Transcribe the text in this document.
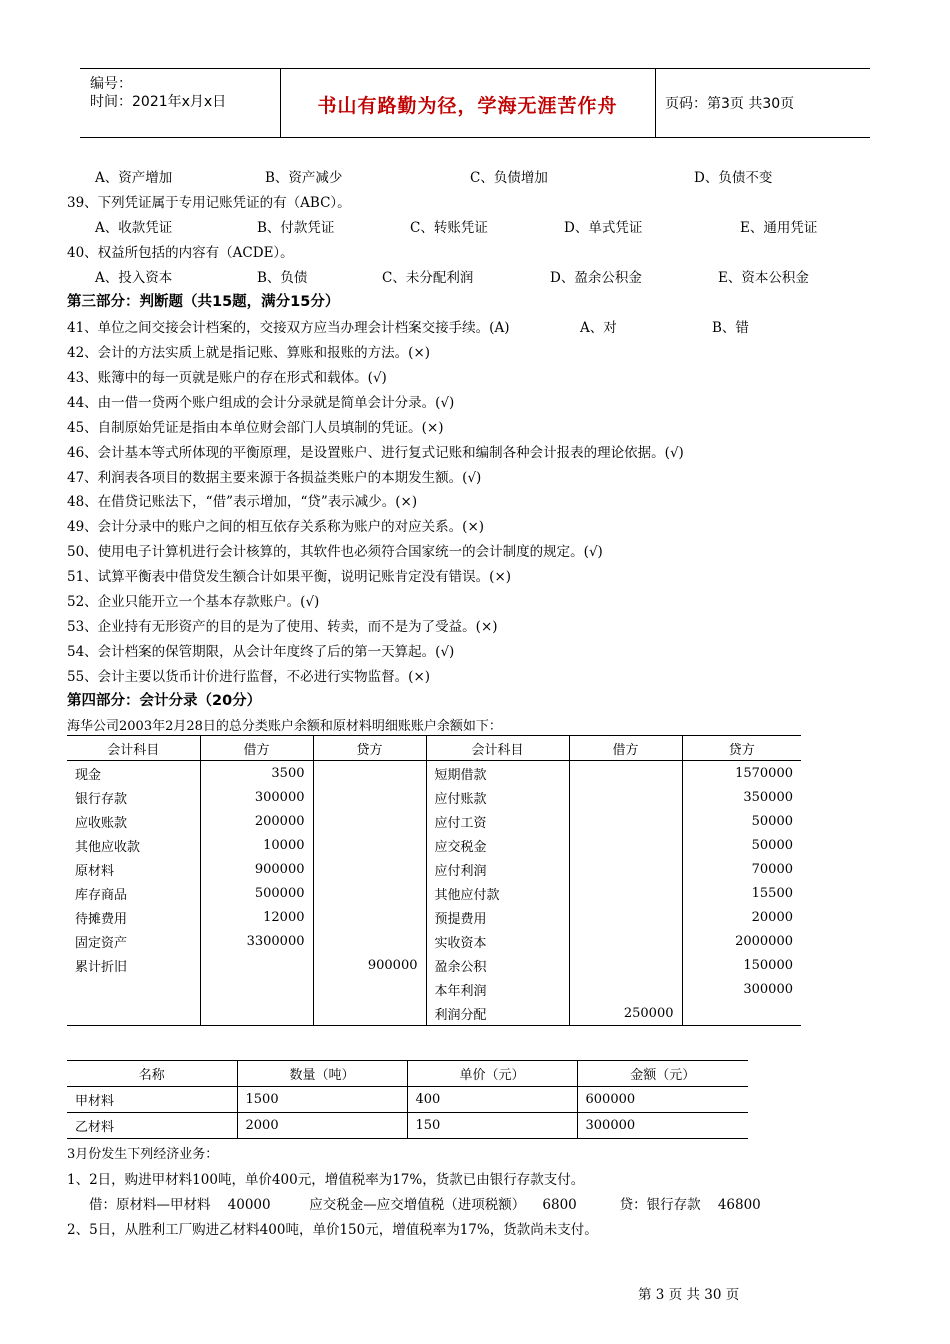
编号：
时间：2021年x月x日	书山有路勤为径，学海无涯苦作舟	页码：第3页 共30页
A、资产增加	B、资产减少	C、负债增加	D、负债不变
39、下列凭证属于专用记账凭证的有（ABC）。
A、收款凭证	B、付款凭证	C、转账凭证	D、单式凭证	E、通用凭证
40、权益所包括的内容有（ACDE）。
A、投入资本	B、负债	C、未分配利润	D、盈余公积金	E、资本公积金
第三部分：判断题（共15题，满分15分）
41、单位之间交接会计档案的，交接双方应当办理会计档案交接手续。(A)	A、对	B、错
42、会计的方法实质上就是指记账、算账和报账的方法。(×)
43、账簿中的每一页就是账户的存在形式和载体。(√)
44、由一借一贷两个账户组成的会计分录就是简单会计分录。(√)
45、自制原始凭证是指由本单位财会部门人员填制的凭证。(×)
46、会计基本等式所体现的平衡原理，是设置账户、进行复式记账和编制各种会计报表的理论依据。(√)
47、利润表各项目的数据主要来源于各损益类账户的本期发生额。(√)
48、在借贷记账法下，“借”表示增加，“贷”表示减少。(×)
49、会计分录中的账户之间的相互依存关系称为账户的对应关系。(×)
50、使用电子计算机进行会计核算的，其软件也必须符合国家统一的会计制度的规定。(√)
51、试算平衡表中借贷发生额合计如果平衡，说明记账肯定没有错误。(×)
52、企业只能开立一个基本存款账户。(√)
53、企业持有无形资产的目的是为了使用、转卖，而不是为了受益。(×)
54、会计档案的保管期限，从会计年度终了后的第一天算起。(√)
55、会计主要以货币计价进行监督，不必进行实物监督。(×)
第四部分：会计分录（20分）
海华公司2003年2月28日的总分类账户余额和原材料明细账账户余额如下：
会计科目	借方	贷方	会计科目	借方	贷方
现金	3500		短期借款		1570000
银行存款	300000		应付账款		350000
应收账款	200000		应付工资		50000
其他应收款	10000		应交税金		50000
原材料	900000		应付利润		70000
库存商品	500000		其他应付款		15500
待摊费用	12000		预提费用		20000
固定资产	3300000		实收资本		2000000
累计折旧		900000	盈余公积		150000
			本年利润		300000
			利润分配	250000	
名称	数量（吨）	单价（元）	金额（元）
甲材料	1500	400	600000
乙材料	2000	150	300000
3月份发生下列经济业务：
1、2日，购进甲材料100吨，单价400元，增值税率为17%，货款已由银行存款支付。
借：原材料—甲材料    40000         应交税金—应交增值税（进项税额）    6800          贷：银行存款    46800
2、5日，从胜利工厂购进乙材料400吨，单价150元，增值税率为17%，货款尚未支付。
第 3 页 共 30 页
